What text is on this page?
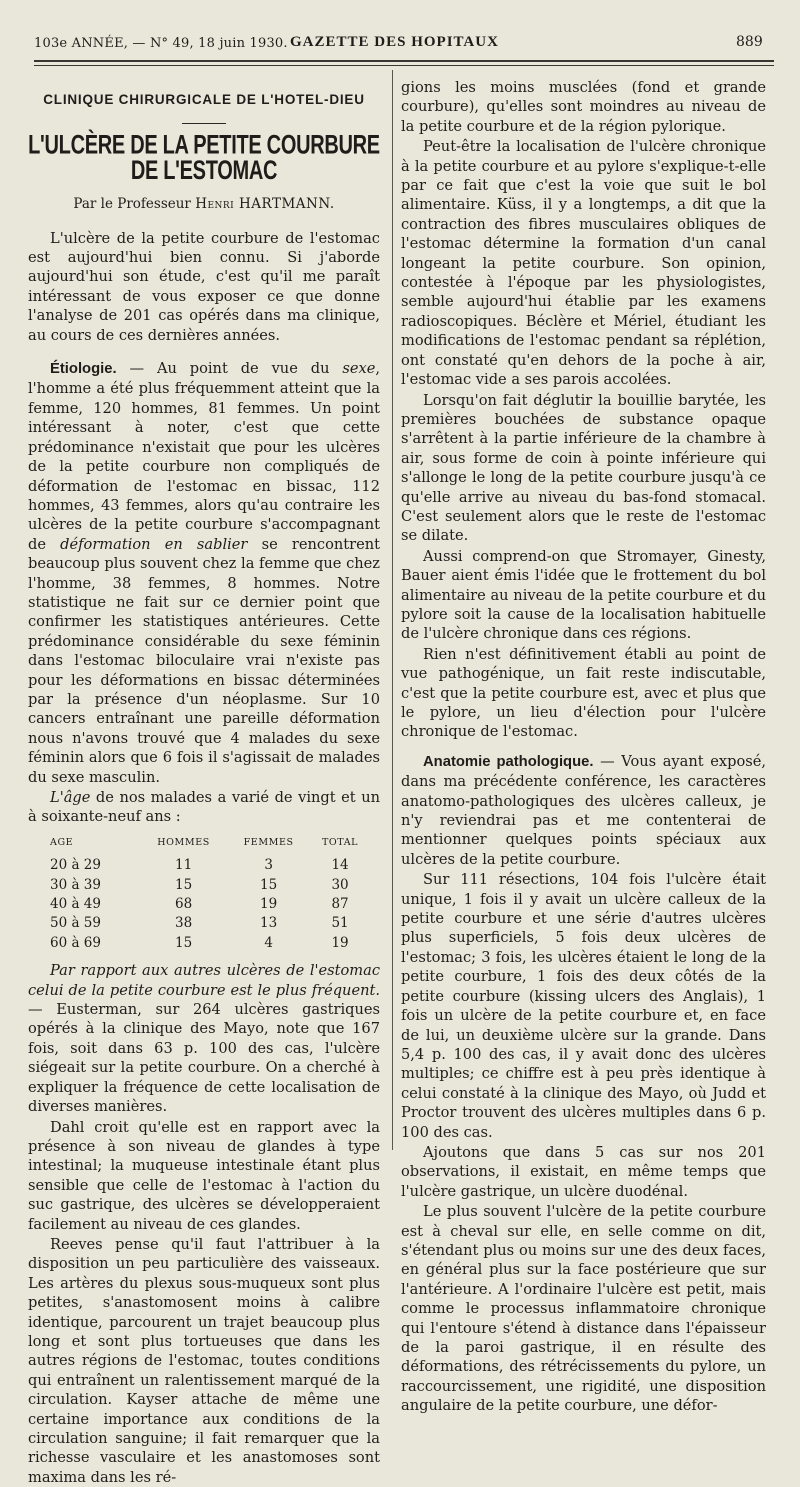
103e ANNÉE, — N° 49, 18 juin 1930. GAZETTE DES HOPITAUX	889
CLINIQUE CHIRURGICALE DE L'HOTEL-DIEU
L'ULCÈRE DE LA PETITE COURBURE DE L'ESTOMAC
Par le Professeur Henri HARTMANN.

L'ulcère de la petite courbure de l'estomac est aujourd'hui bien connu. Si j'aborde aujourd'hui son étude, c'est qu'il me paraît intéressant de vous exposer ce que donne l'analyse de 201 cas opérés dans ma clinique, au cours de ces dernières années.

Étiologie. — Au point de vue du sexe, l'homme a été plus fréquemment atteint que la femme, 120 hommes, 81 femmes. Un point intéressant à noter, c'est que cette prédominance n'existait que pour les ulcères de la petite courbure non compliqués de déformation de l'estomac en bissac, 112 hommes, 43 femmes, alors qu'au contraire les ulcères de la petite courbure s'accompagnant de déformation en sablier se rencontrent beaucoup plus souvent chez la femme que chez l'homme, 38 femmes, 8 hommes. Notre statistique ne fait sur ce dernier point que confirmer les statistiques antérieures. Cette prédominance considérable du sexe féminin dans l'estomac biloculaire vrai n'existe pas pour les déformations en bissac déterminées par la présence d'un néoplasme. Sur 10 cancers entraînant une pareille déformation nous n'avons trouvé que 4 malades du sexe féminin alors que 6 fois il s'agissait de malades du sexe masculin.

L'âge de nos malades a varié de vingt et un à soixante-neuf ans :

AGE	HOMMES	FEMMES	TOTAL
20 à 29	11	3	14
30 à 39	15	15	30
40 à 49	68	19	87
50 à 59	38	13	51
60 à 69	15	4	19

Par rapport aux autres ulcères de l'estomac celui de la petite courbure est le plus fréquent. — Eusterman, sur 264 ulcères gastriques opérés à la clinique des Mayo, note que 167 fois, soit dans 63 p. 100 des cas, l'ulcère siégeait sur la petite courbure. On a cherché à expliquer la fréquence de cette localisation de diverses manières.

Dahl croit qu'elle est en rapport avec la présence à son niveau de glandes à type intestinal; la muqueuse intestinale étant plus sensible que celle de l'estomac à l'action du suc gastrique, des ulcères se développeraient facilement au niveau de ces glandes.

Reeves pense qu'il faut l'attribuer à la disposition un peu particulière des vaisseaux. Les artères du plexus sous-muqueux sont plus petites, s'anastomosent moins à calibre identique, parcourent un trajet beaucoup plus long et sont plus tortueuses que dans les autres régions de l'estomac, toutes conditions qui entraînent un ralentissement marqué de la circulation. Kayser attache de même une certaine importance aux conditions de la circulation sanguine; il fait remarquer que la richesse vasculaire et les anastomoses sont maxima dans les ré-

gions les moins musclées (fond et grande courbure), qu'elles sont moindres au niveau de la petite courbure et de la région pylorique.

Peut-être la localisation de l'ulcère chronique à la petite courbure et au pylore s'explique-t-elle par ce fait que c'est la voie que suit le bol alimentaire. Küss, il y a longtemps, a dit que la contraction des fibres musculaires obliques de l'estomac détermine la formation d'un canal longeant la petite courbure. Son opinion, contestée à l'époque par les physiologistes, semble aujourd'hui établie par les examens radioscopiques. Béclère et Mériel, étudiant les modifications de l'estomac pendant sa réplétion, ont constaté qu'en dehors de la poche à air, l'estomac vide a ses parois accolées.

Lorsqu'on fait déglutir la bouillie barytée, les premières bouchées de substance opaque s'arrêtent à la partie inférieure de la chambre à air, sous forme de coin à pointe inférieure qui s'allonge le long de la petite courbure jusqu'à ce qu'elle arrive au niveau du bas-fond stomacal. C'est seulement alors que le reste de l'estomac se dilate.

Aussi comprend-on que Stromayer, Ginesty, Bauer aient émis l'idée que le frottement du bol alimentaire au niveau de la petite courbure et du pylore soit la cause de la localisation habituelle de l'ulcère chronique dans ces régions.

Rien n'est définitivement établi au point de vue pathogénique, un fait reste indiscutable, c'est que la petite courbure est, avec et plus que le pylore, un lieu d'élection pour l'ulcère chronique de l'estomac.

Anatomie pathologique. — Vous ayant exposé, dans ma précédente conférence, les caractères anatomo-pathologiques des ulcères calleux, je n'y reviendrai pas et me contenterai de mentionner quelques points spéciaux aux ulcères de la petite courbure.

Sur 111 résections, 104 fois l'ulcère était unique, 1 fois il y avait un ulcère calleux de la petite courbure et une série d'autres ulcères plus superficiels, 5 fois deux ulcères de l'estomac; 3 fois, les ulcères étaient le long de la petite courbure, 1 fois des deux côtés de la petite courbure (kissing ulcers des Anglais), 1 fois un ulcère de la petite courbure et, en face de lui, un deuxième ulcère sur la grande. Dans 5,4 p. 100 des cas, il y avait donc des ulcères multiples; ce chiffre est à peu près identique à celui constaté à la clinique des Mayo, où Judd et Proctor trouvent des ulcères multiples dans 6 p. 100 des cas.

Ajoutons que dans 5 cas sur nos 201 observations, il existait, en même temps que l'ulcère gastrique, un ulcère duodénal.

Le plus souvent l'ulcère de la petite courbure est à cheval sur elle, en selle comme on dit, s'étendant plus ou moins sur une des deux faces, en général plus sur la face postérieure que sur l'antérieure. A l'ordinaire l'ulcère est petit, mais comme le processus inflammatoire chronique qui l'entoure s'étend à distance dans l'épaisseur de la paroi gastrique, il en résulte des déformations, des rétrécissements du pylore, un raccourcissement, une rigidité, une disposition angulaire de la petite courbure, une défor-
